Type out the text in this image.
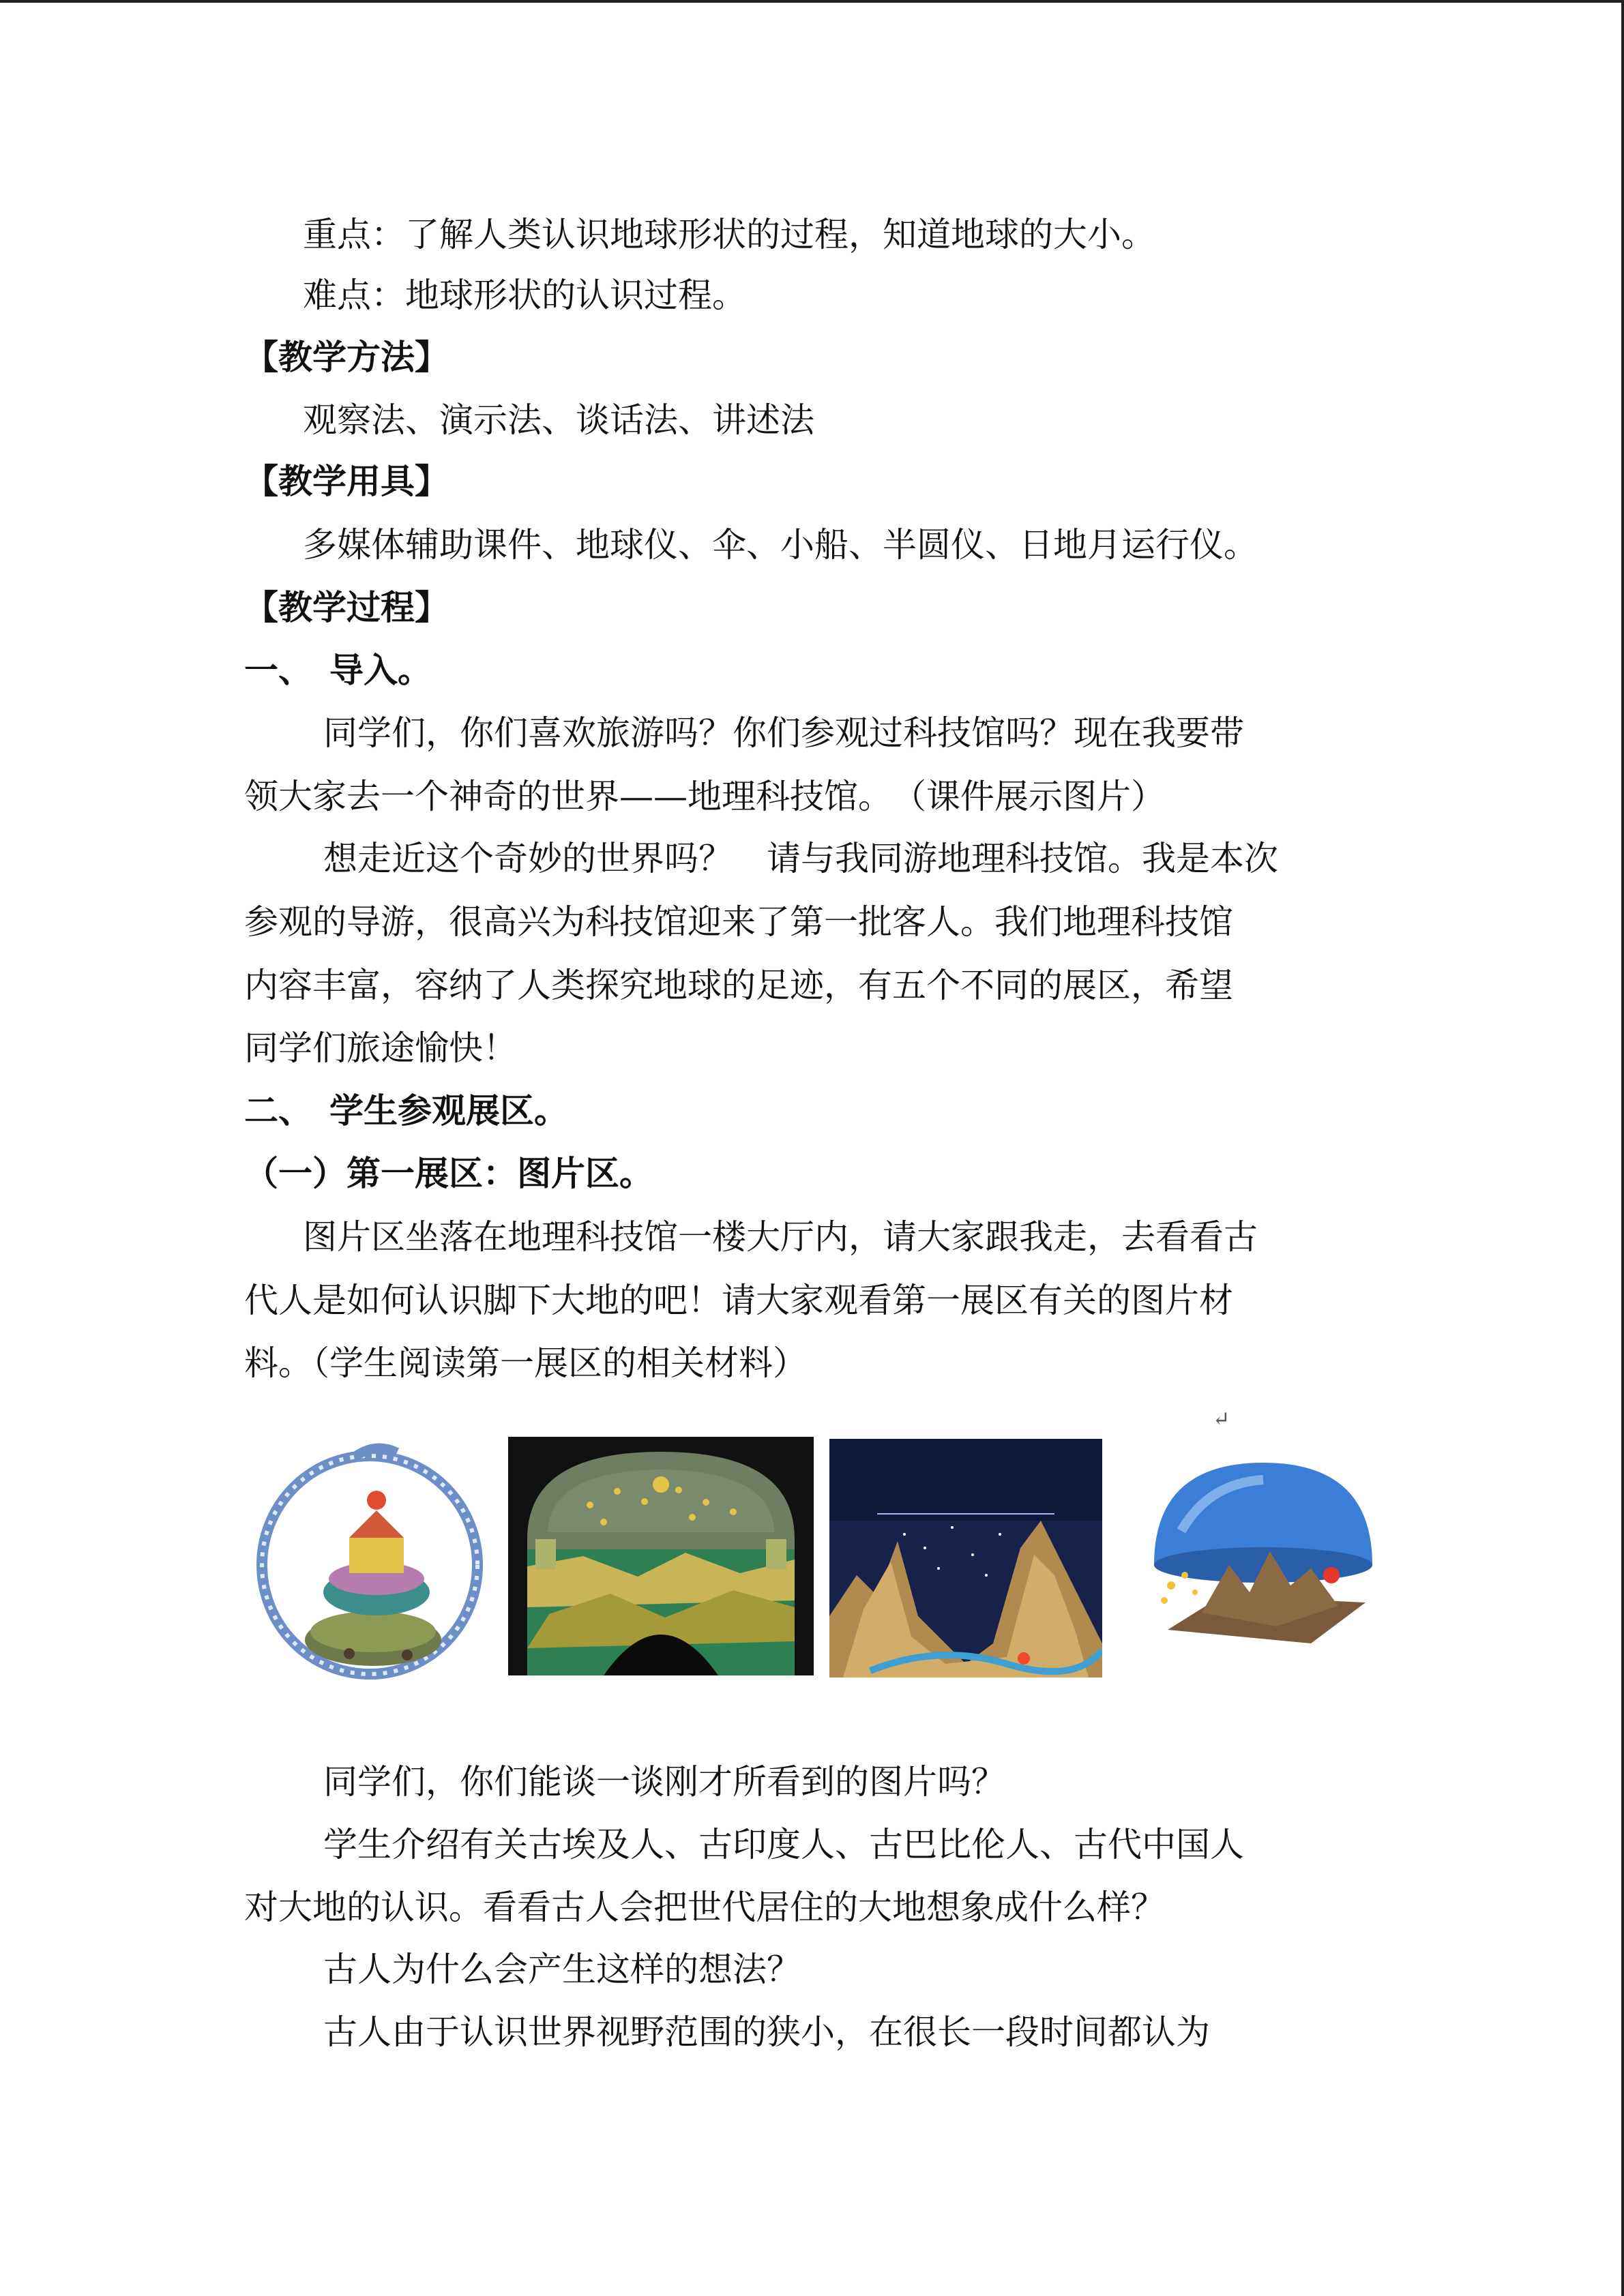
重点：了解人类认识地球形状的过程，知道地球的大小。

难点：地球形状的认识过程。

【教学方法】

观察法、演示法、谈话法、讲述法

【教学用具】

多媒体辅助课件、地球仪、伞、小船、半圆仪、日地月运行仪。

【教学过程】

一、　导入。

同学们，你们喜欢旅游吗？你们参观过科技馆吗？现在我要带

领大家去一个神奇的世界——地理科技馆。　（课件展示图片）

想走近这个奇妙的世界吗？　请与我同游地理科技馆。我是本次

参观的导游，很高兴为科技馆迎来了第一批客人。我们地理科技馆

内容丰富，容纳了人类探究地球的足迹，有五个不同的展区，希望

同学们旅途愉快！

二、　学生参观展区。

（一）第一展区：图片区。

图片区坐落在地理科技馆一楼大厅内，请大家跟我走，去看看古

代人是如何认识脚下大地的吧！请大家观看第一展区有关的图片材

料。（学生阅读第一展区的相关材料）

↵

同学们，你们能谈一谈刚才所看到的图片吗？

学生介绍有关古埃及人、古印度人、古巴比伦人、古代中国人

对大地的认识。看看古人会把世代居住的大地想象成什么样？

古人为什么会产生这样的想法？

古人由于认识世界视野范围的狭小，在很长一段时间都认为
